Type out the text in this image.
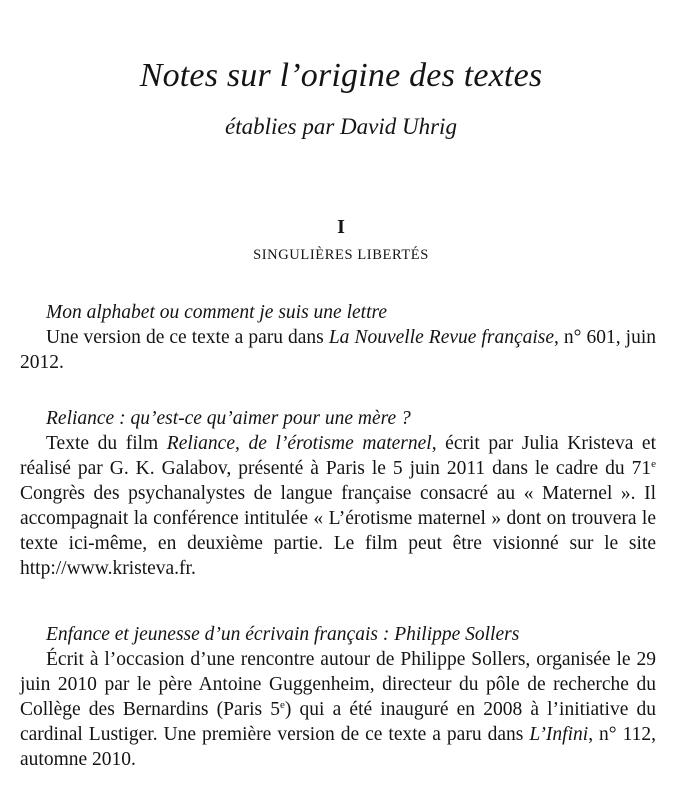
Notes sur l’origine des textes
établies par David Uhrig
I
SINGULIÈRES LIBERTÉS

Mon alphabet ou comment je suis une lettre

Une version de ce texte a paru dans La Nouvelle Revue française, n° 601, juin 2012.

Reliance : qu’est-ce qu’aimer pour une mère ?

Texte du film Reliance, de l’érotisme maternel, écrit par Julia Kristeva et réalisé par G. K. Galabov, présenté à Paris le 5 juin 2011 dans le cadre du 71e Congrès des psychanalystes de langue française consacré au « Maternel ». Il accompagnait la conférence intitulée « L’érotisme maternel » dont on trouvera le texte ici-même, en deuxième partie. Le film peut être visionné sur le site http://www.kristeva.fr.

Enfance et jeunesse d’un écrivain français : Philippe Sollers

Écrit à l’occasion d’une rencontre autour de Philippe Sollers, organisée le 29 juin 2010 par le père Antoine Guggenheim, directeur du pôle de recherche du Collège des Bernardins (Paris 5e) qui a été inauguré en 2008 à l’initiative du cardinal Lustiger. Une première version de ce texte a paru dans L’Infini, n° 112, automne 2010.
